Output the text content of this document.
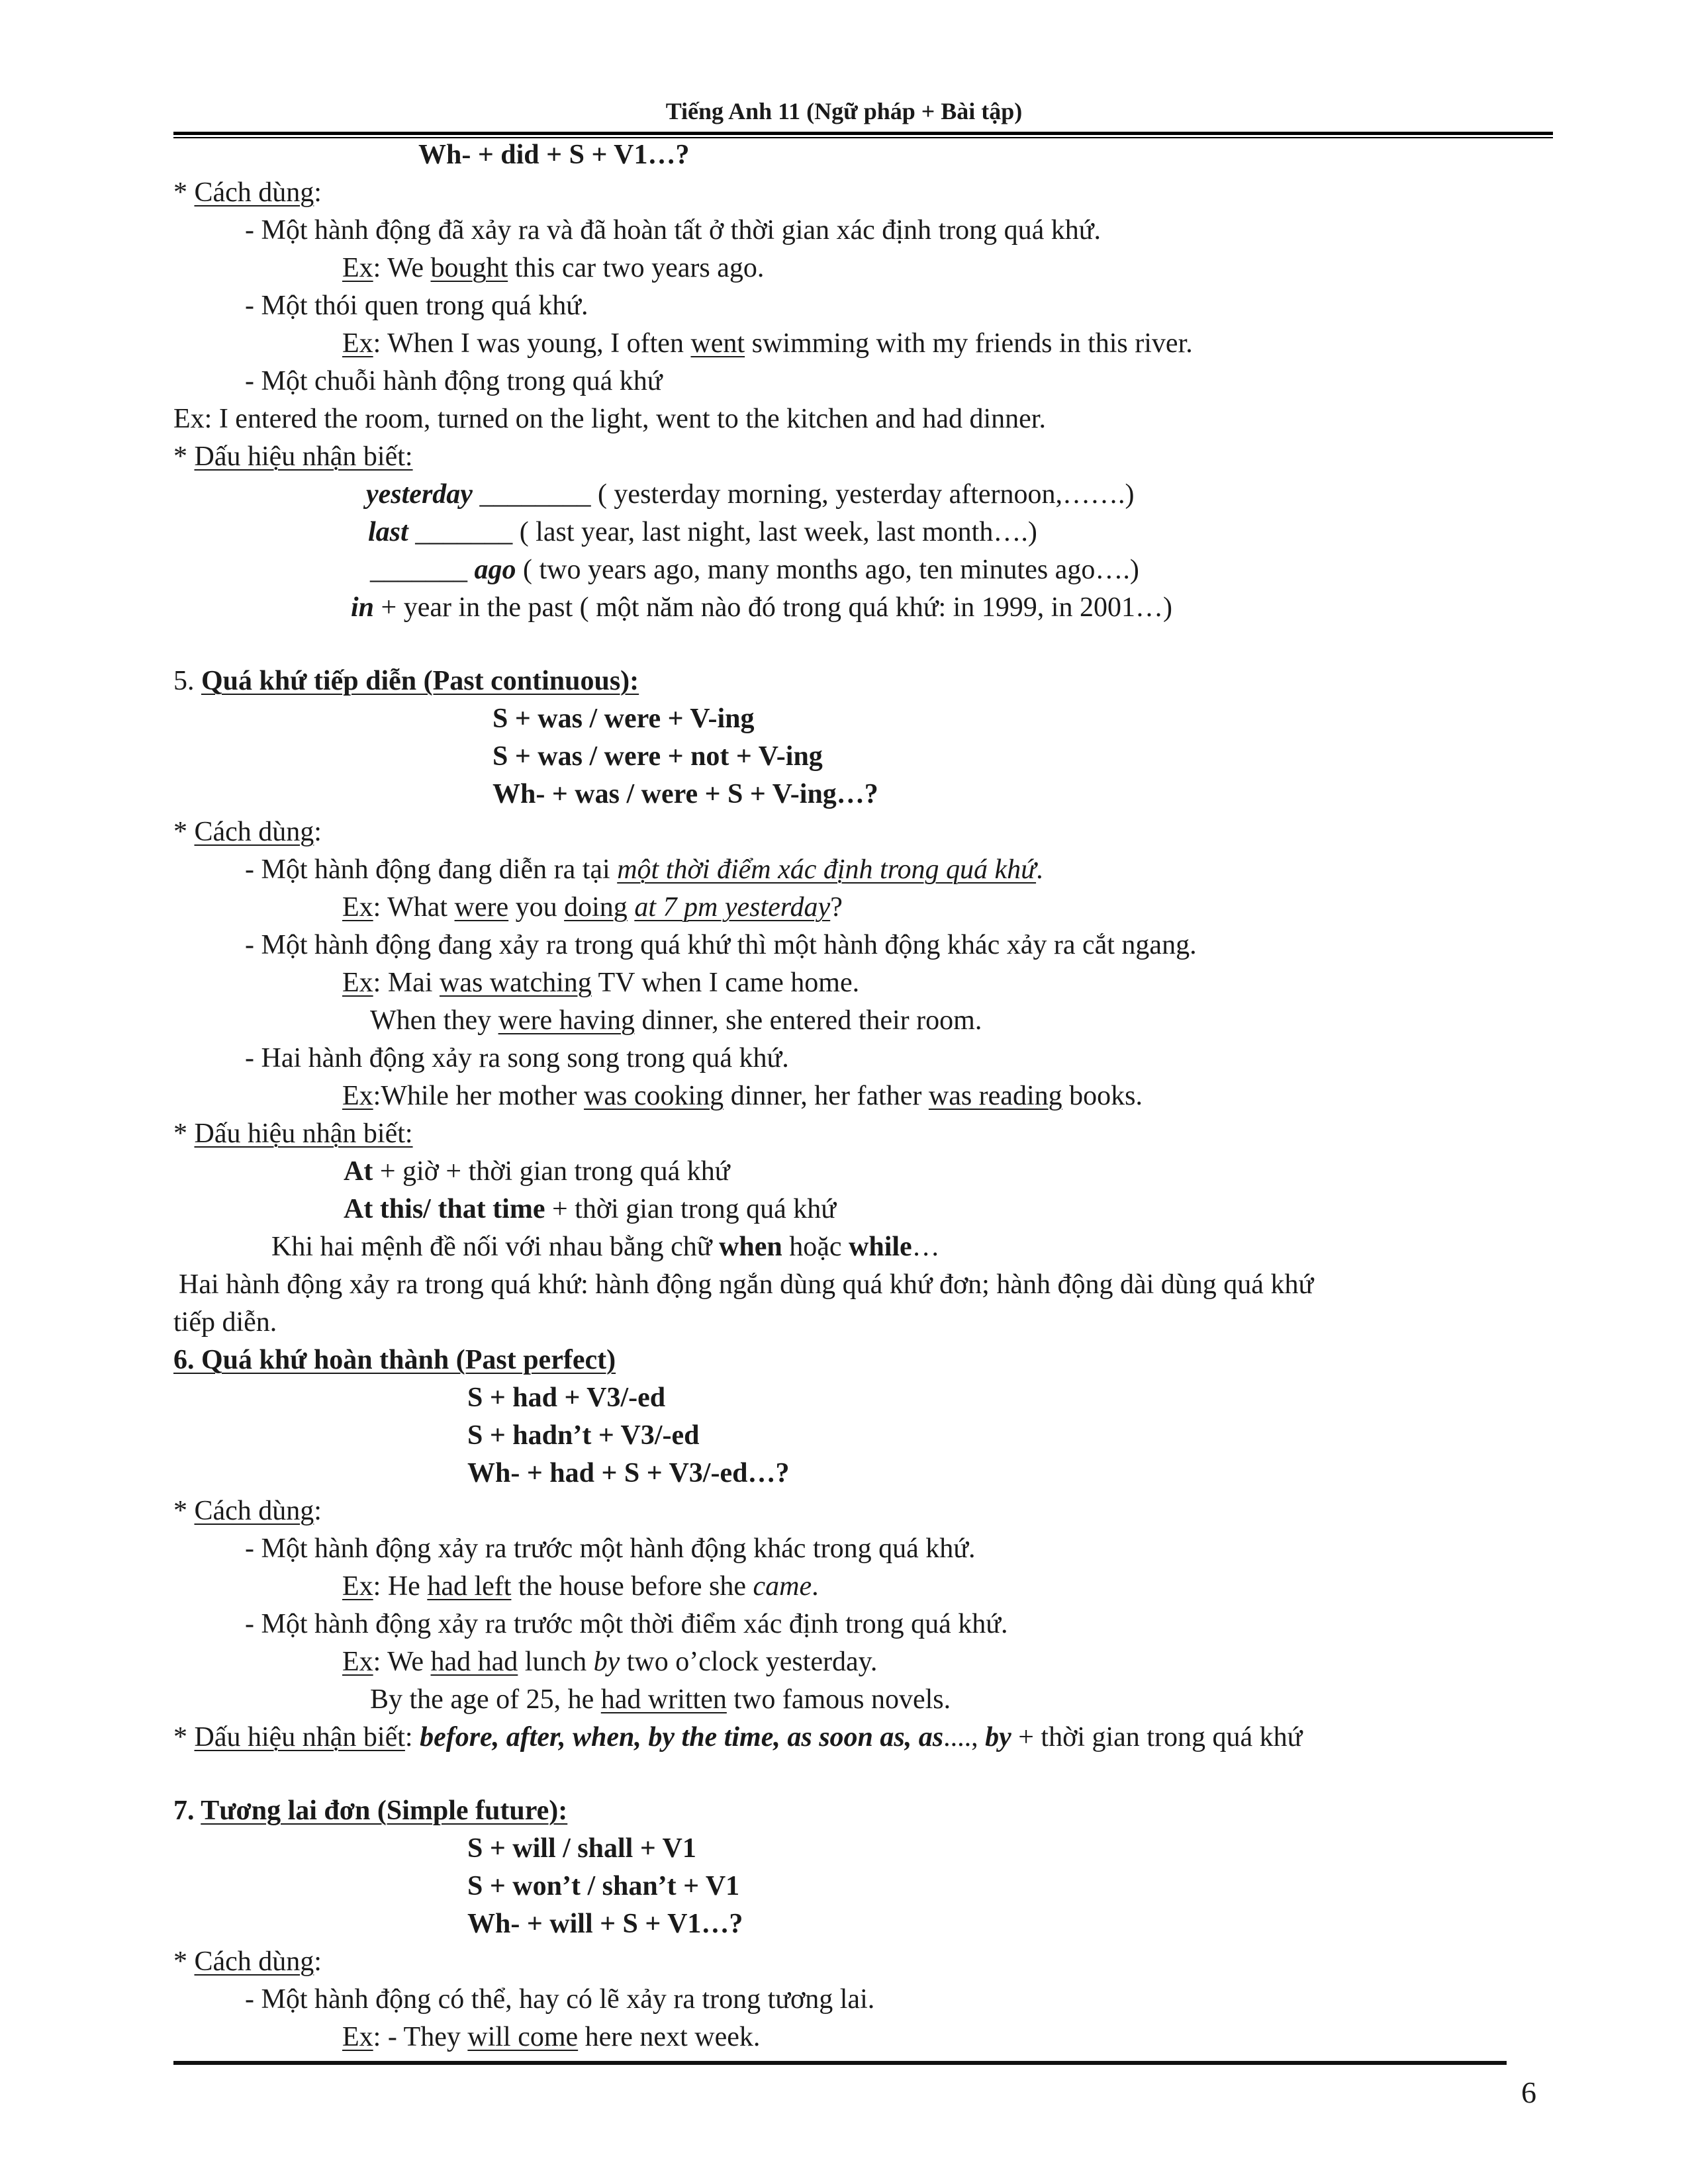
Tiếng Anh 11 (Ngữ pháp + Bài tập)
Wh- + did + S + V1…?
* Cách dùng:
- Một hành động đã xảy ra và đã hoàn tất ở thời gian xác định trong quá khứ.
Ex: We bought this car two years ago.
- Một thói quen trong quá khứ.
Ex: When I was young, I often went swimming with my friends in this river.
- Một chuỗi hành động trong quá khứ
Ex: I entered the room, turned on the light, went to the kitchen and had dinner.
* Dấu hiệu nhận biết:
yesterday ________ ( yesterday morning, yesterday afternoon,…….)
last _______ ( last year, last night, last week, last month….)
_______ ago ( two years ago, many months ago, ten minutes ago….)
in + year in the past ( một năm nào đó trong quá khứ: in 1999, in 2001…)
5. Quá khứ tiếp diễn (Past continuous):
S + was / were + V-ing
S + was / were + not + V-ing
Wh- + was / were + S + V-ing…?
* Cách dùng:
- Một hành động đang diễn ra tại một thời điểm xác định trong quá khứ.
Ex: What were you doing at 7 pm yesterday?
- Một hành động đang xảy ra trong quá khứ thì một hành động khác xảy ra cắt ngang.
Ex: Mai was watching TV when I came home.
When they were having dinner, she entered their room.
- Hai hành động xảy ra song song trong quá khứ.
Ex:While her mother was cooking dinner, her father was reading books.
* Dấu hiệu nhận biết:
At + giờ + thời gian trong quá khứ
At this/ that time + thời gian trong quá khứ
Khi hai mệnh đề nối với nhau bằng chữ when hoặc while…
Hai hành động xảy ra trong quá khứ: hành động ngắn dùng quá khứ đơn; hành động dài dùng quá khứ
tiếp diễn.
6. Quá khứ hoàn thành (Past perfect)
S + had + V3/-ed
S + hadn’t + V3/-ed
Wh- + had + S + V3/-ed…?
* Cách dùng:
- Một hành động xảy ra trước một hành động khác trong quá khứ.
Ex: He had left the house before she came.
- Một hành động xảy ra trước một thời điểm xác định trong quá khứ.
Ex: We had had lunch by two o’clock yesterday.
By the age of 25, he had written two famous novels.
* Dấu hiệu nhận biết: before, after, when, by the time, as soon as, as...., by + thời gian trong quá khứ
7. Tương lai đơn (Simple future):
S + will / shall + V1
S + won’t / shan’t + V1
Wh- + will + S + V1…?
* Cách dùng:
- Một hành động có thể, hay có lẽ xảy ra trong tương lai.
Ex: - They will come here next week.
6
